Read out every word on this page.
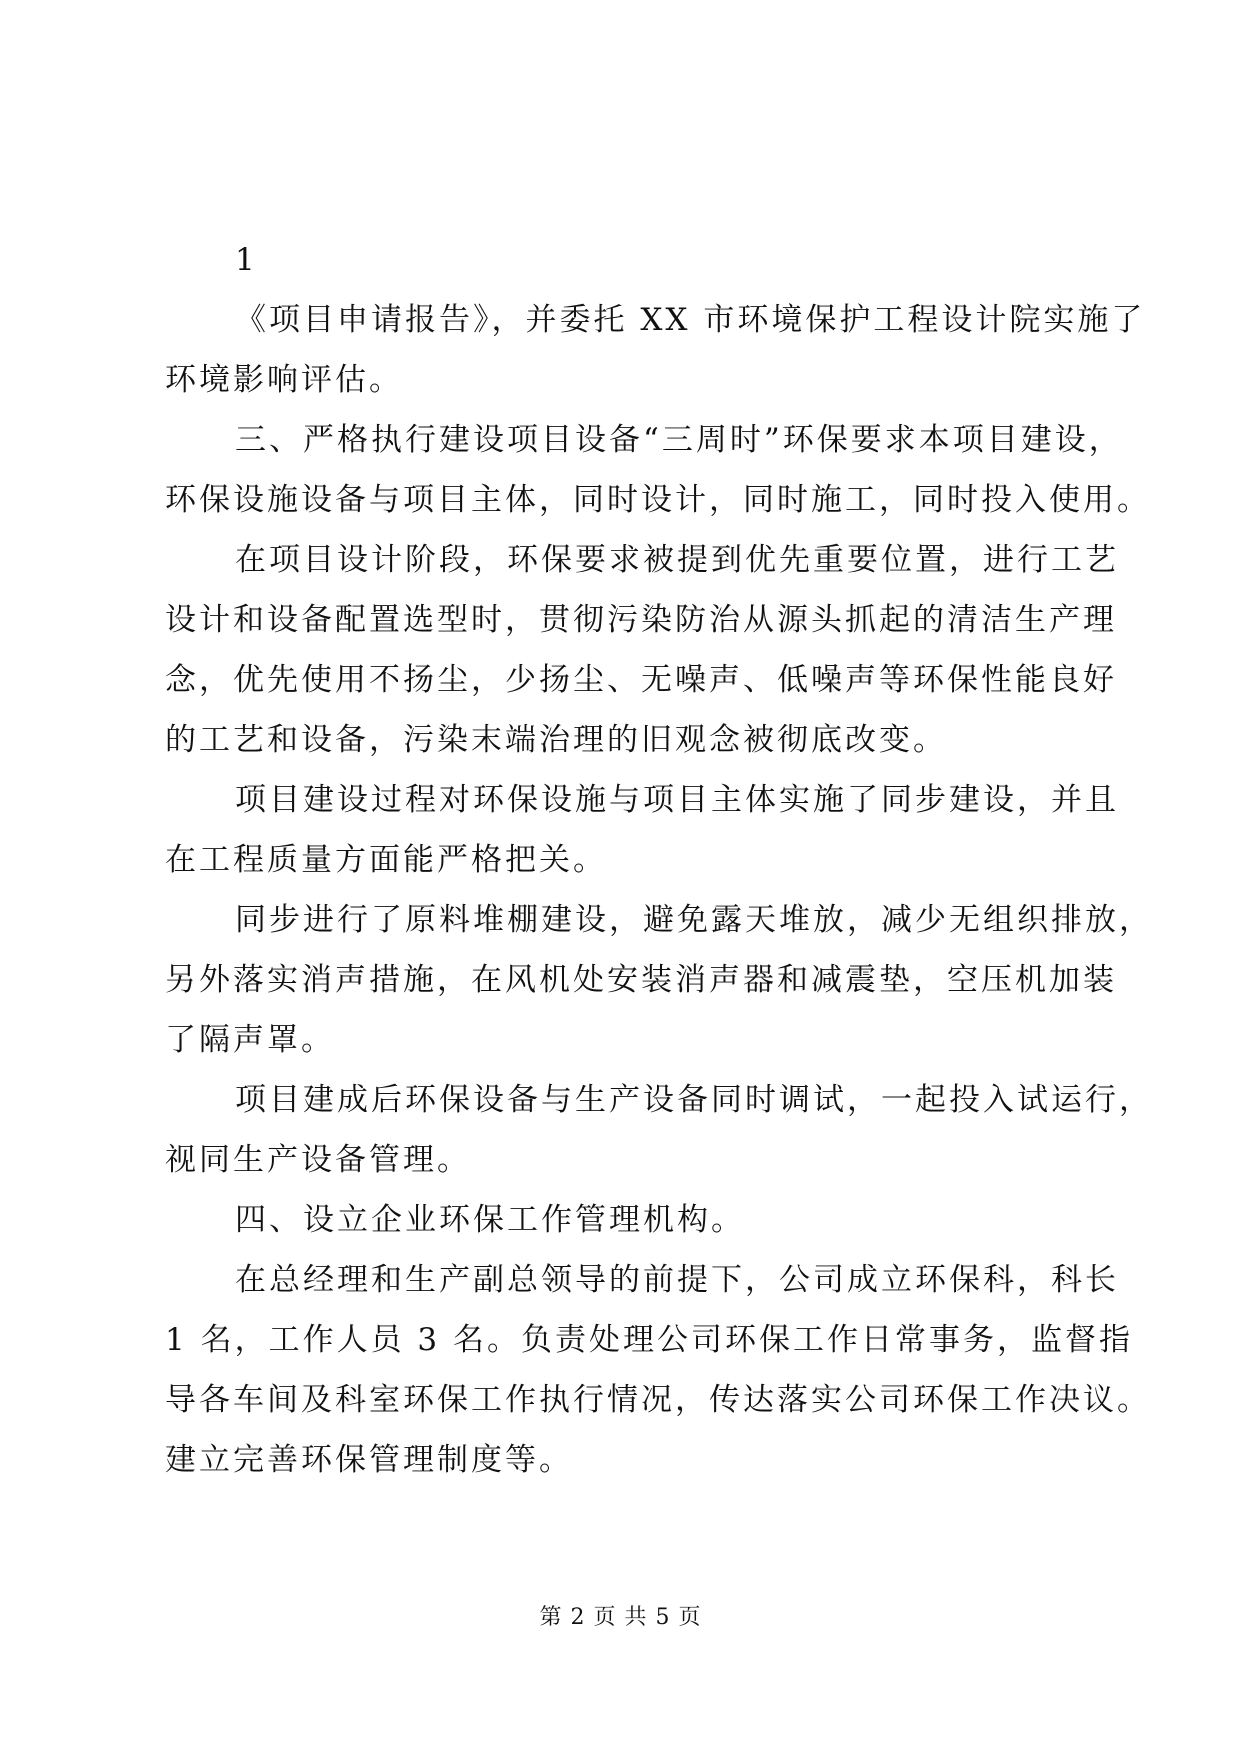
1
《项目申请报告》，并委托 XX 市环境保护工程设计院实施了
环境影响评估。
三、严格执行建设项目设备“三周时”环保要求本项目建设，
环保设施设备与项目主体，同时设计，同时施工，同时投入使用。
在项目设计阶段，环保要求被提到优先重要位置，进行工艺
设计和设备配置选型时，贯彻污染防治从源头抓起的清洁生产理
念，优先使用不扬尘，少扬尘、无噪声、低噪声等环保性能良好
的工艺和设备，污染末端治理的旧观念被彻底改变。
项目建设过程对环保设施与项目主体实施了同步建设，并且
在工程质量方面能严格把关。
同步进行了原料堆棚建设，避免露天堆放，减少无组织排放，
另外落实消声措施，在风机处安装消声器和减震垫，空压机加装
了隔声罩。
项目建成后环保设备与生产设备同时调试，一起投入试运行，
视同生产设备管理。
四、设立企业环保工作管理机构。
在总经理和生产副总领导的前提下，公司成立环保科，科长
1 名，工作人员 3 名。负责处理公司环保工作日常事务，监督指
导各车间及科室环保工作执行情况，传达落实公司环保工作决议。
建立完善环保管理制度等。
第 2 页 共 5 页
